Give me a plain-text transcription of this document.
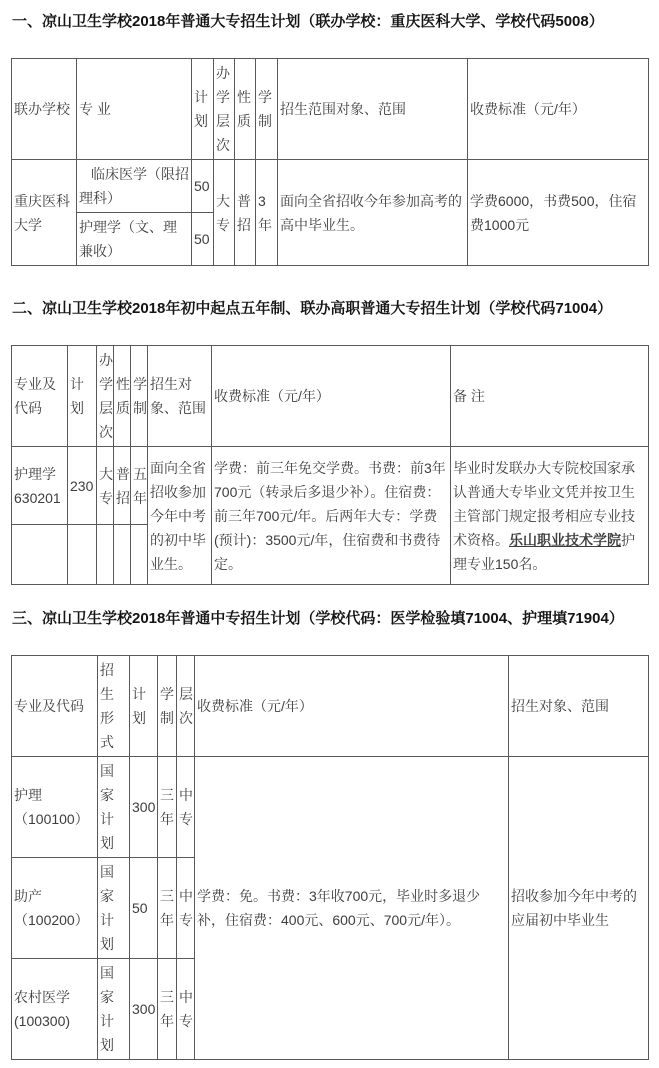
一、凉山卫生学校2018年普通大专招生计划（联办学校：重庆医科大学、学校代码5008）
联办学校	专 业	计划	办学层次	性质	学制	招生范围对象、范围	收费标准（元/年）
重庆医科大学	临床医学（限招理科）	50	大专	普招	3年	面向全省招收今年参加高考的高中毕业生。	学费6000，书费500，住宿费1000元
	护理学（文、理兼收）	50					
二、凉山卫生学校2018年初中起点五年制、联办高职普通大专招生计划（学校代码71004）
专业及代码	计划	办学层次	性质	学制	招生对象、范围	收费标准（元/年）	备 注
护理学630201	230	大专	普招	五年	面向全省招收参加今年中考的初中毕业生。	学费：前三年免交学费。书费：前3年700元（转录后多退少补）。住宿费：前三年700元/年。后两年大专：学费(预计)：3500元/年，住宿费和书费待定。	毕业时发联办大专院校国家承认普通大专毕业文凭并按卫生主管部门规定报考相应专业技术资格。乐山职业技术学院护理专业150名。

三、凉山卫生学校2018年普通中专招生计划（学校代码：医学检验填71004、护理填71904）
专业及代码	招生形式	计划	学制	层次	收费标准（元/年）	招生对象、范围
护理（100100）	国家计划	300	三年	中专	学费：免。书费：3年收700元，毕业时多退少补，住宿费：400元、600元、700元/年）。	招收参加今年中考的应届初中毕业生
助产（100200）	国家计划	50	三年	中专		
农村医学(100300)	国家计划	300	三年	中专		
